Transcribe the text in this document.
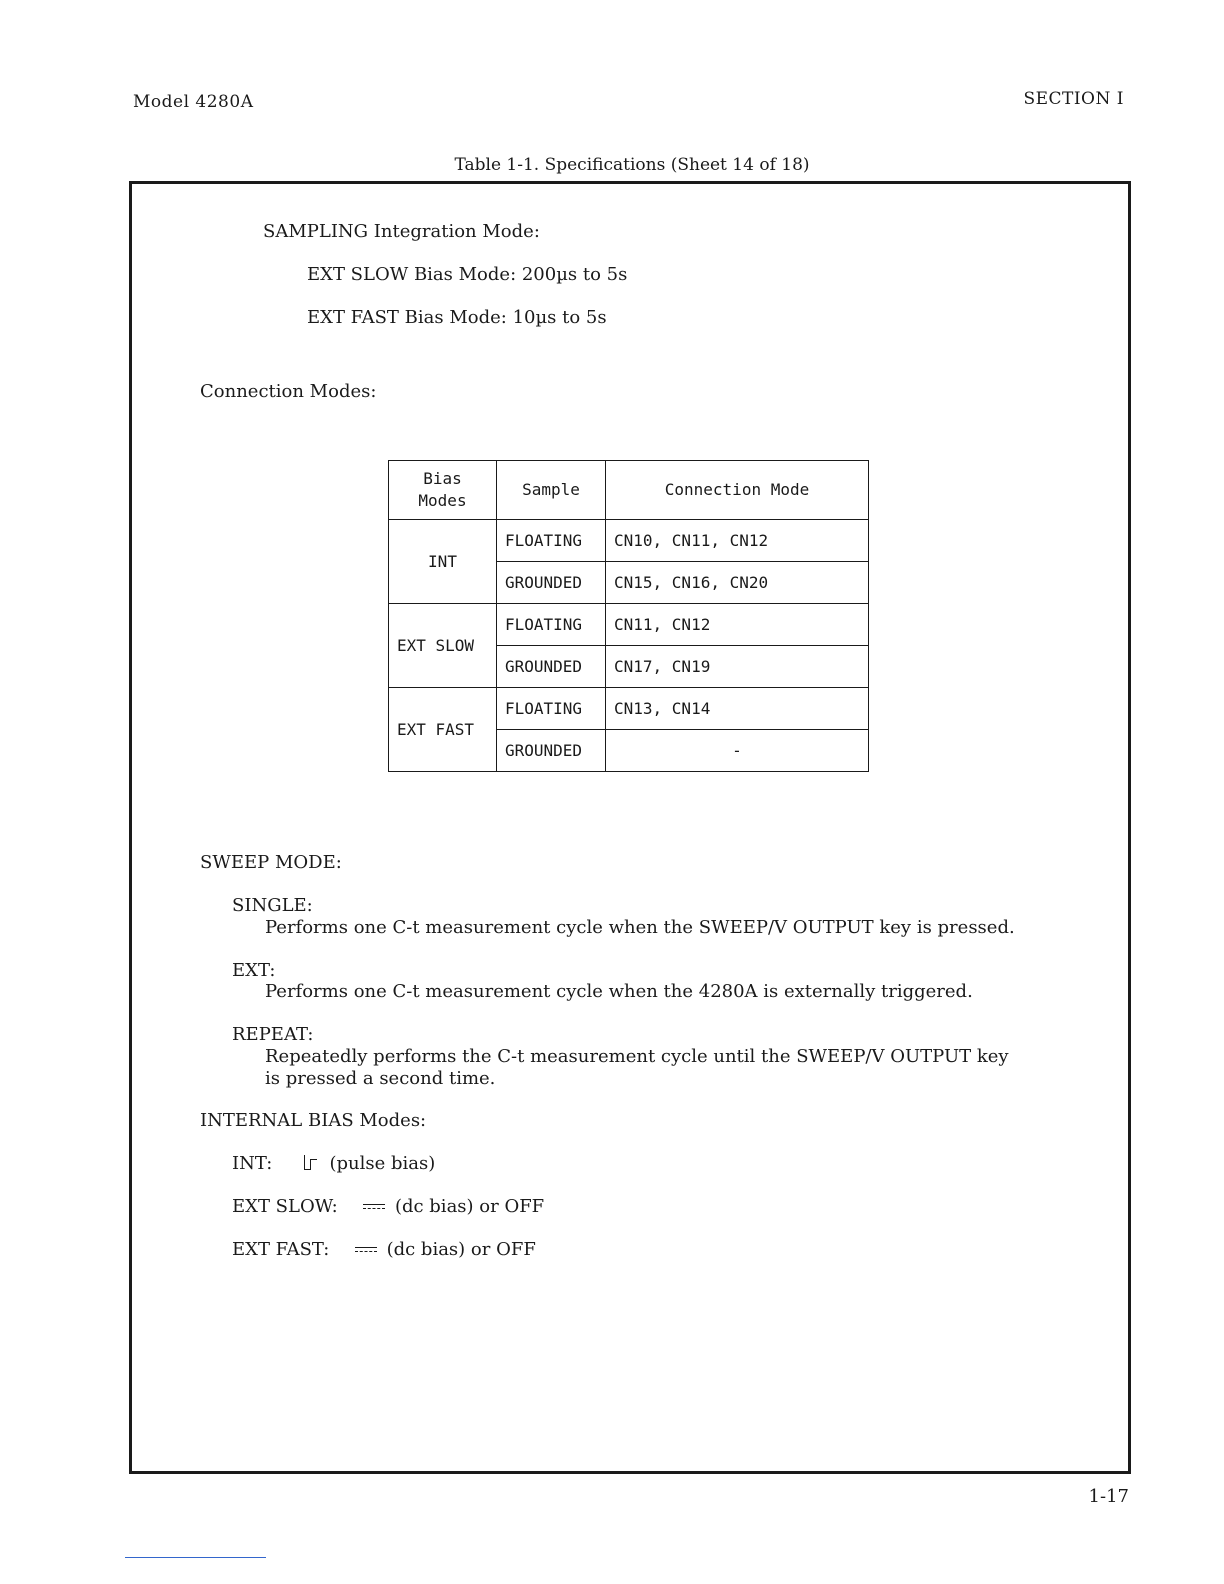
Model 4280A	SECTION I
Table 1-1. Specifications (Sheet 14 of 18)
SAMPLING Integration Mode:
EXT SLOW Bias Mode: 200µs to 5s
EXT FAST Bias Mode: 10µs to 5s
Connection Modes:
Bias
Modes	Sample	Connection Mode
INT	FLOATING	CN10, CN11, CN12
	GROUNDED	CN15, CN16, CN20
EXT SLOW	FLOATING	CN11, CN12
	GROUNDED	CN17, CN19
EXT FAST	FLOATING	CN13, CN14
	GROUNDED	-
SWEEP MODE:
SINGLE:
Performs one C-t measurement cycle when the SWEEP/V OUTPUT key is pressed.
EXT:
Performs one C-t measurement cycle when the 4280A is externally triggered.
REPEAT:
Repeatedly performs the C-t measurement cycle until the SWEEP/V OUTPUT key
is pressed a second time.
INTERNAL BIAS Modes:
INT:	(pulse bias)
EXT SLOW:	(dc bias) or OFF
EXT FAST:	(dc bias) or OFF
1-17
